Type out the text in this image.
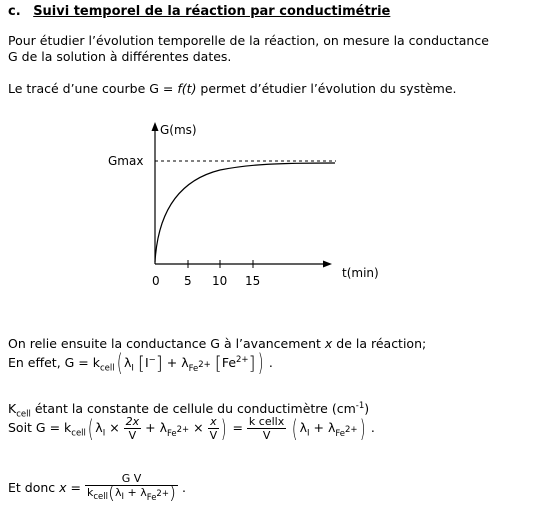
c. Suivi temporel de la réaction par conductimétrie
Pour étudier l’évolution temporelle de la réaction, on mesure la conductance
G de la solution à différentes dates.
Le tracé d’une courbe G = f(t) permet d’étudier l’évolution du système.
G(ms)
Gmax
t(min)
0 5 10 15
On relie ensuite la conductance G à l’avancement x de la réaction;
En effet, $G = k_{cell}$( $\lambda_I$ $[I^-] + \lambda_{Fe^{2+}}$ $[Fe^{2+}]$) .
$K_{cell}$ étant la constante de cellule du conductimètre $(cm^{-1})$
Soit $G = k_{cell}$( $\lambda_I \times \frac{2x}{V} + \lambda_{Fe^{2+}} \times \frac{x}{V}$ ) = $\frac{\text{k cellx}}{V}$ ( $\lambda_I + \lambda_{Fe^{2+}}$) .
Et donc $x = \frac{\text{G V}}{k_{cell}(\lambda_I + \lambda_{Fe^{2+}})}$ .
